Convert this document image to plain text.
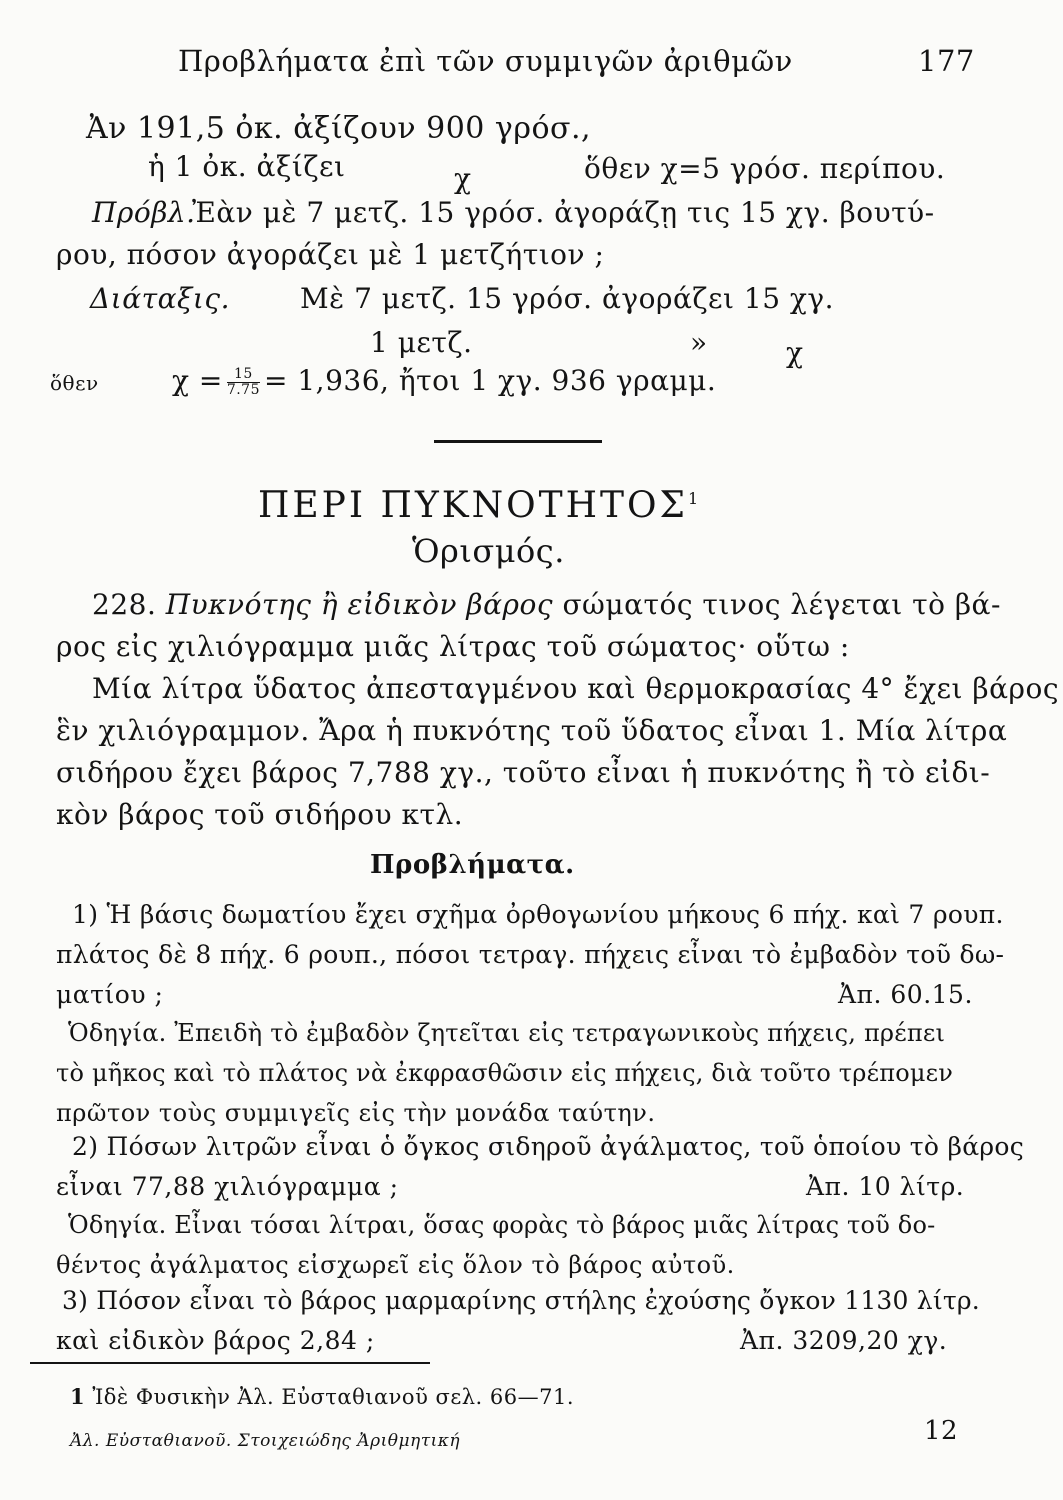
Προβλήματα ἐπὶ τῶν συμμιγῶν ἀριθμῶν	177
Ἀν 191,5 ὀκ. ἀξίζουν 900 γρόσ.,
ἡ 1 ὀκ. ἀξίζει	χ	ὅθεν χ=5 γρόσ. περίπου.
Πρόβλ.
Ἐὰν μὲ 7 μετζ. 15 γρόσ. ἀγοράζῃ τις 15 χγ. βουτύ-
ρου, πόσον ἀγοράζει μὲ 1 μετζήτιον ;
Διάταξις.	Μὲ 7 μετζ. 15 γρόσ. ἀγοράζει 15 χγ.
1 μετζ.	»	χ
ὅθεν	$\chi = \frac{15}{7.75} = 1,936$, ἤτοι 1 χγ. 936 γραμμ.
ΠΕΡΙ ΠΥΚΝΟΤΗΤΟΣ$^1$
Ὁρισμός.
228. Πυκνότης ἢ εἰδικὸν βάρος σώματός τινος λέγεται τὸ βά-
ρος εἰς χιλιόγραμμα μιᾶς λίτρας τοῦ σώματος· οὕτω :
Μία λίτρα ὕδατος ἀπεσταγμένου καὶ θερμοκρασίας 4° ἔχει βάρος
ἓν χιλιόγραμμον. Ἄρα ἡ πυκνότης τοῦ ὕδατος εἶναι 1. Μία λίτρα
σιδήρου ἔχει βάρος 7,788 χγ., τοῦτο εἶναι ἡ πυκνότης ἢ τὸ εἰδι-
κὸν βάρος τοῦ σιδήρου κτλ.
Προβλήματα.
1) Ἡ βάσις δωματίου ἔχει σχῆμα ὀρθογωνίου μήκους 6 πήχ. καὶ 7 ρουπ.
πλάτος δὲ 8 πήχ. 6 ρουπ., πόσοι τετραγ. πήχεις εἶναι τὸ ἐμβαδὸν τοῦ δω-
ματίου ;	Ἀπ. 60.15.
Ὁδηγία. Ἐπειδὴ τὸ ἐμβαδὸν ζητεῖται εἰς τετραγωνικοὺς πήχεις, πρέπει
τὸ μῆκος καὶ τὸ πλάτος νὰ ἐκφρασθῶσιν εἰς πήχεις, διὰ τοῦτο τρέπομεν
πρῶτον τοὺς συμμιγεῖς εἰς τὴν μονάδα ταύτην.
2) Πόσων λιτρῶν εἶναι ὁ ὄγκος σιδηροῦ ἀγάλματος, τοῦ ὁποίου τὸ βάρος
εἶναι 77,88 χιλιόγραμμα ;	Ἀπ. 10 λίτρ.
Ὁδηγία. Εἶναι τόσαι λίτραι, ὅσας φορὰς τὸ βάρος μιᾶς λίτρας τοῦ δο-
θέντος ἀγάλματος εἰσχωρεῖ εἰς ὅλον τὸ βάρος αὐτοῦ.
3) Πόσον εἶναι τὸ βάρος μαρμαρίνης στήλης ἐχούσης ὄγκον 1130 λίτρ.
καὶ εἰδικὸν βάρος 2,84 ;	Ἀπ. 3209,20 χγ.
1 Ἰδὲ Φυσικὴν Ἀλ. Εὐσταθιανοῦ σελ. 66—71.
Ἀλ. Εὐσταθιανοῦ. Στοιχειώδης Ἀριθμητική	12
